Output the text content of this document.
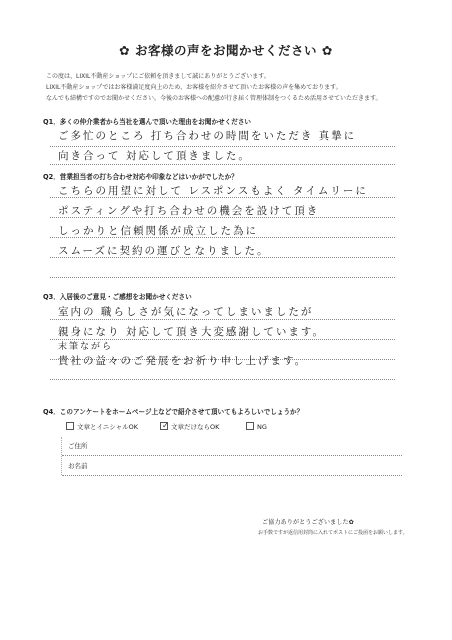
✿ お客様の声をお聞かせください ✿
この度は、LIXIL不動産ショップにご依頼を頂きまして誠にありがとうございます。
LIXIL不動産ショップではお客様満足度向上のため、お客様を紹介させて頂いたお客様の声を集めております。
なんでも結構ですのでお聞かせください。今後のお客様への配慮が行き届く管理体制をつくるため活用させていただきます。
Q1．多くの仲介業者から当社を選んで頂いた理由をお聞かせください
ご多忙のところ 打ち合わせの時間をいただき 真摯に
向き合って 対応して頂きました。
Q2．営業担当者の打ち合わせ対応や印象などはいかがでしたか？
こちらの用望に対して レスポンスもよく タイムリーに
ポスティングや打ち合わせの機会を設けて頂き
しっかりと信頼関係が成立した為に
スムーズに契約の運びとなりました。
Q3．入居後のご意見・ご感想をお聞かせください
室内の 職らしさが気になってしまいましたが
親身になり 対応して頂き大変感謝しています。
末筆ながら
貴社の益々のご発展をお祈り申し上げます。
Q4．このアンケートをホームページ上などで紹介させて頂いてもよろしいでしょうか？
文章とイニシャルOK	✓ 文章だけならOK	NG
ご住所
お名前
ご協力ありがとうございました✿
お手数ですが返信用封筒に入れてポストにご投函をお願いします。
